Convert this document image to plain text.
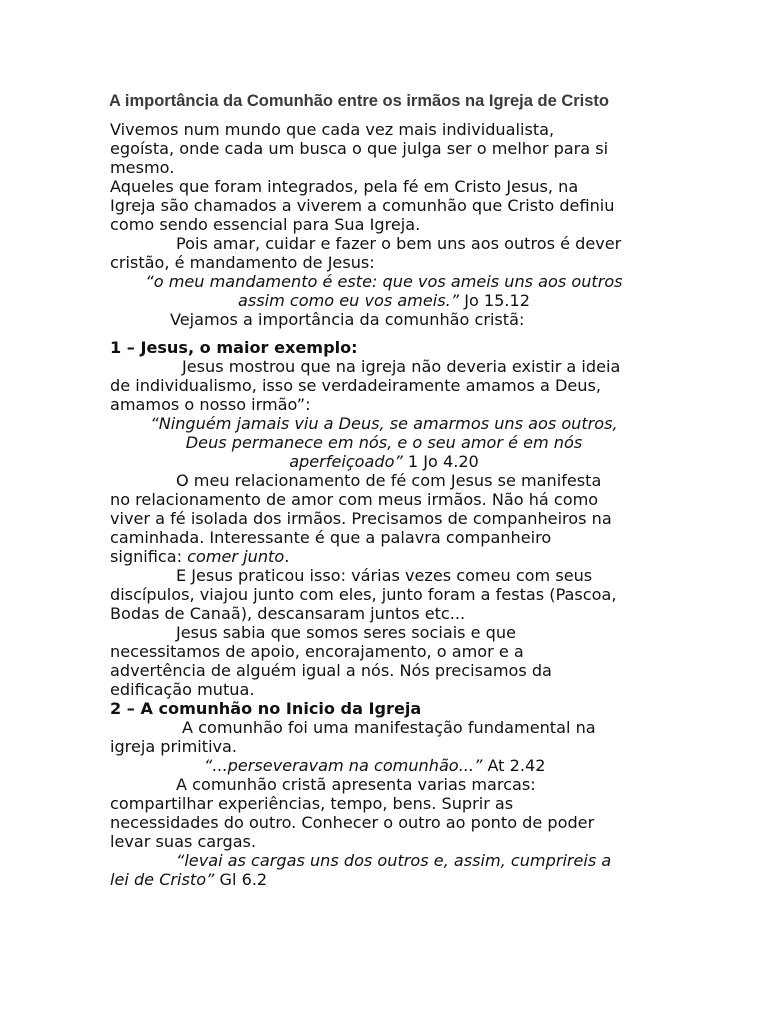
A importância da Comunhão entre os irmãos na Igreja de Cristo
Vivemos num mundo que cada vez mais individualista,
egoísta, onde cada um busca o que julga ser o melhor para si
mesmo.
Aqueles que foram integrados, pela fé em Cristo Jesus, na
Igreja são chamados a viverem a comunhão que Cristo definiu
como sendo essencial para Sua Igreja.
Pois amar, cuidar e fazer o bem uns aos outros é dever
cristão, é mandamento de Jesus:
“o meu mandamento é este: que vos ameis uns aos outros
assim como eu vos ameis.” Jo 15.12
Vejamos a importância da comunhão cristã:
1 – Jesus, o maior exemplo:
Jesus mostrou que na igreja não deveria existir a ideia
de individualismo, isso se verdadeiramente amamos a Deus,
amamos o nosso irmão”:
“Ninguém jamais viu a Deus, se amarmos uns aos outros,
Deus permanece em nós, e o seu amor é em nós
aperfeiçoado” 1 Jo 4.20
O meu relacionamento de fé com Jesus se manifesta
no relacionamento de amor com meus irmãos. Não há como
viver a fé isolada dos irmãos. Precisamos de companheiros na
caminhada. Interessante é que a palavra companheiro
significa: comer junto.
E Jesus praticou isso: várias vezes comeu com seus
discípulos, viajou junto com eles, junto foram a festas (Pascoa,
Bodas de Canaã), descansaram juntos etc...
Jesus sabia que somos seres sociais e que
necessitamos de apoio, encorajamento, o amor e a
advertência de alguém igual a nós. Nós precisamos da
edificação mutua.
2 – A comunhão no Inicio da Igreja
A comunhão foi uma manifestação fundamental na
igreja primitiva.
“...perseveravam na comunhão...” At 2.42
A comunhão cristã apresenta varias marcas:
compartilhar experiências, tempo, bens. Suprir as
necessidades do outro. Conhecer o outro ao ponto de poder
levar suas cargas.
“levai as cargas uns dos outros e, assim, cumprireis a
lei de Cristo” Gl 6.2
